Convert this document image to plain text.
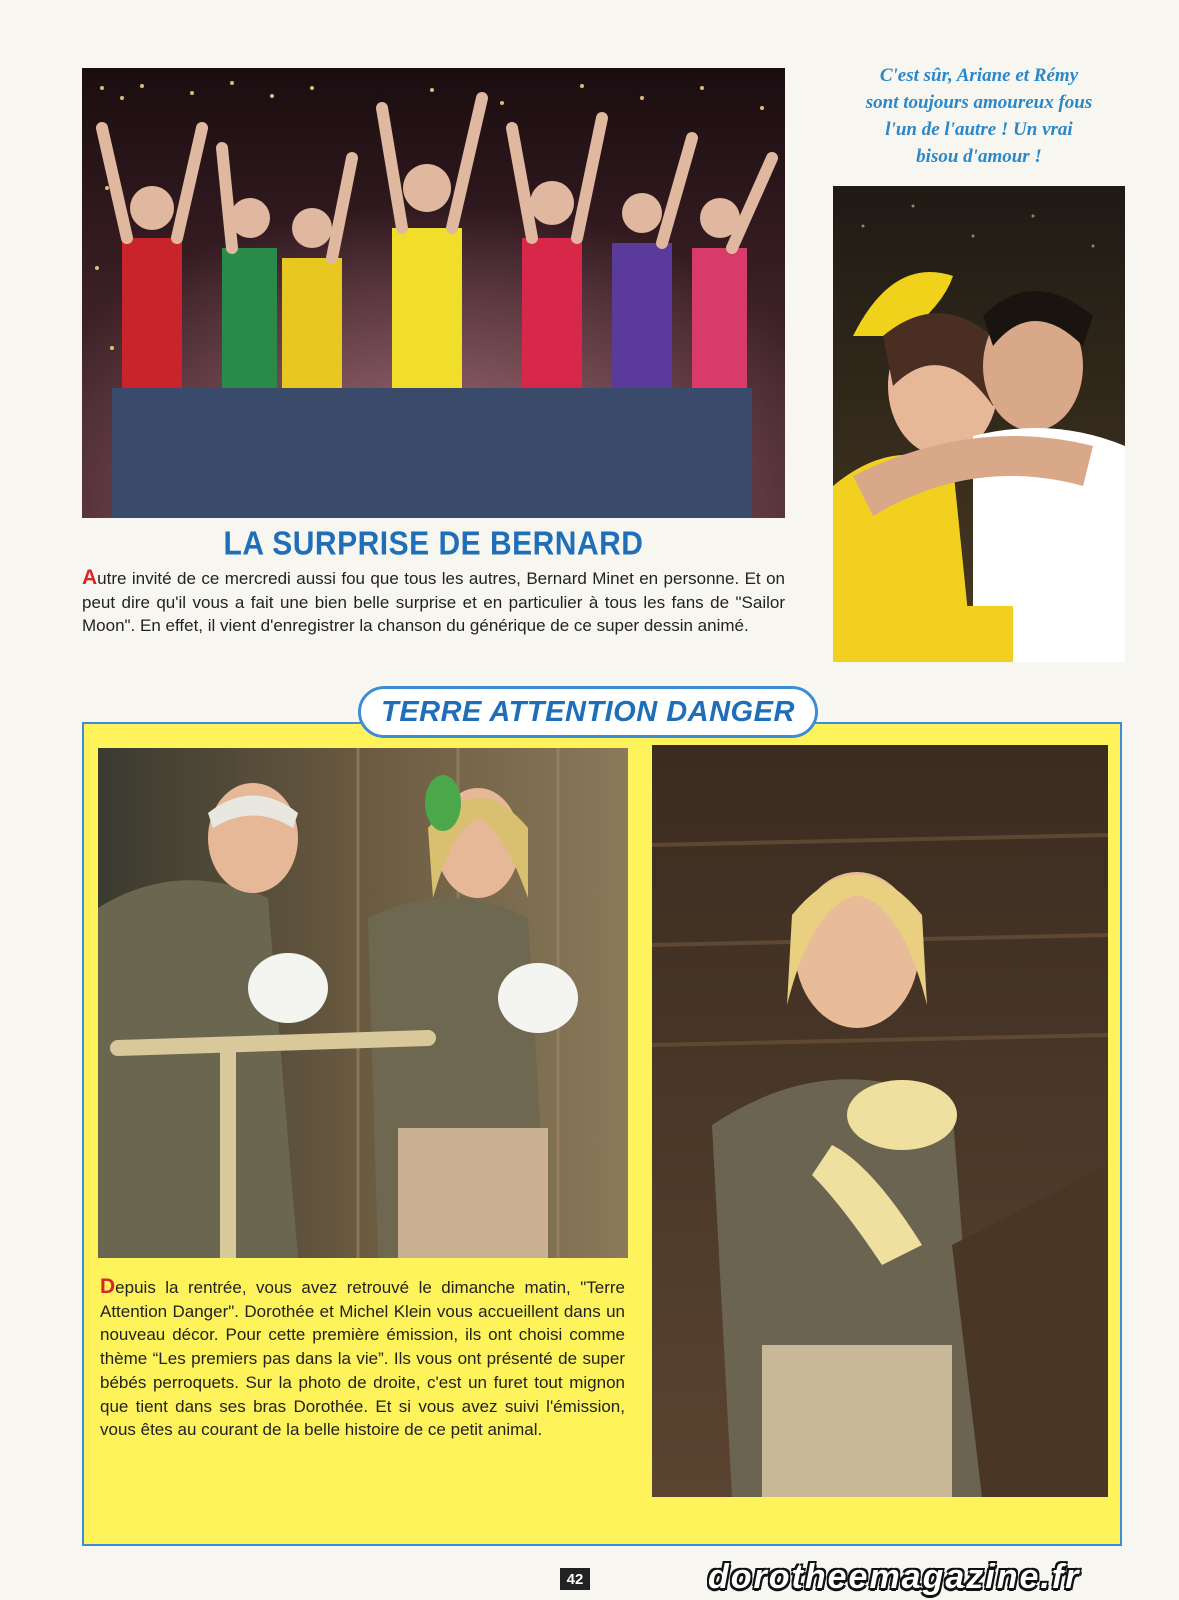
C'est sûr, Ariane et Rémy
sont toujours amoureux fous
l'un de l'autre ! Un vrai
bisou d'amour !
LA SURPRISE DE BERNARD
Autre invité de ce mercredi aussi fou que tous les autres, Bernard Minet en personne. Et on peut dire qu'il vous a fait une bien belle surprise et en particulier à tous les fans de "Sailor Moon". En effet, il vient d'enregistrer la chanson du générique de ce super dessin animé.
TERRE ATTENTION DANGER
Depuis la rentrée, vous avez retrouvé le dimanche matin, "Terre Attention Danger". Dorothée et Michel Klein vous accueillent dans un nouveau décor. Pour cette première émission, ils ont choisi comme thème “Les premiers pas dans la vie”. Ils vous ont présenté de super bébés perroquets. Sur la photo de droite, c'est un furet tout mignon que tient dans ses bras Dorothée. Et si vous avez suivi l'émission, vous êtes au courant de la belle histoire de ce petit animal.
42	dorotheemagazine.fr
